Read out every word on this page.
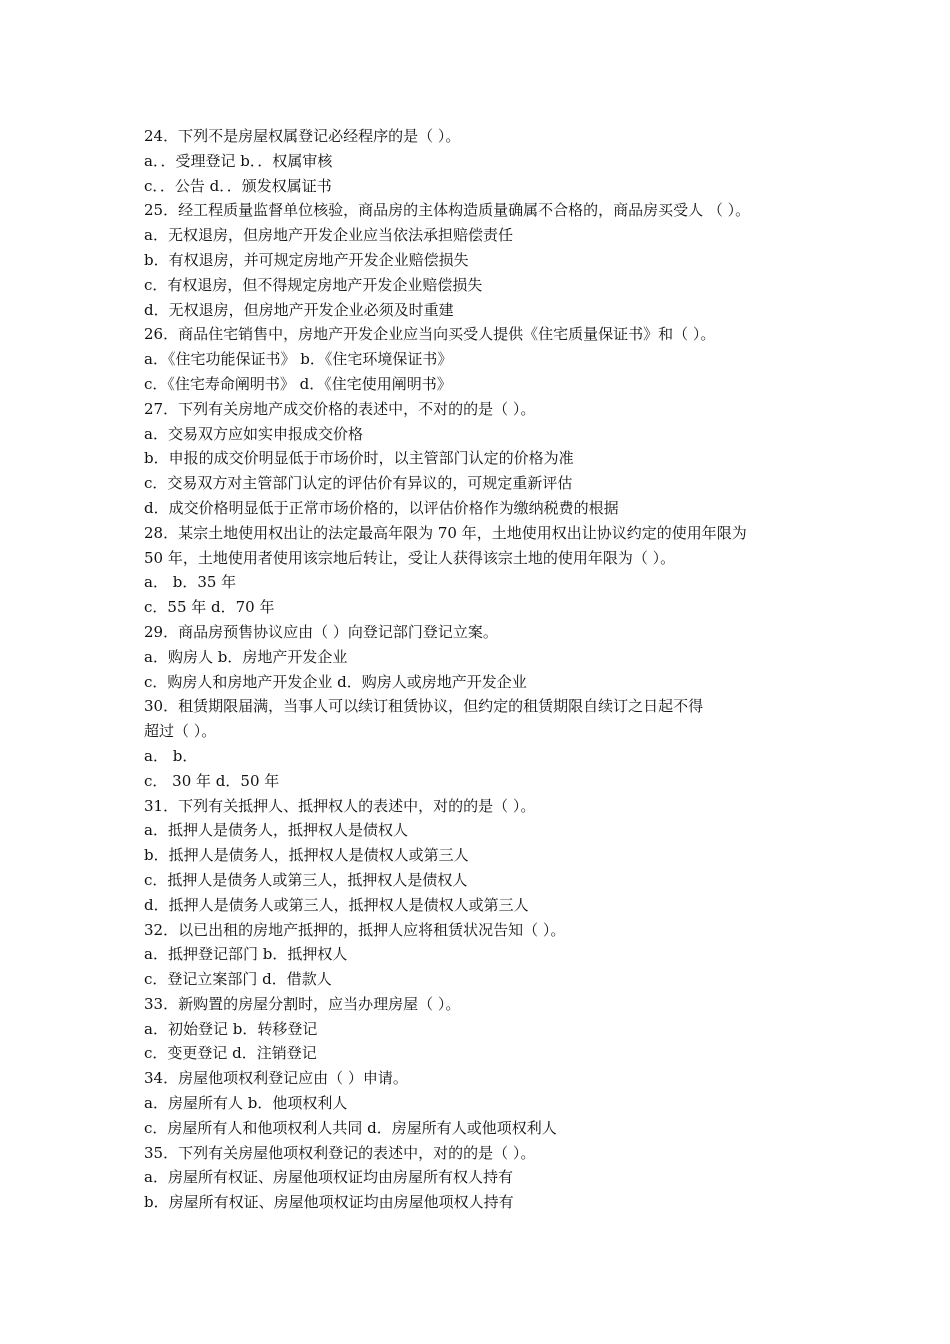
24．下列不是房屋权属登记必经程序的是（ ）。

a．．受理登记 b．．权属审核

c．．公告 d．．颁发权属证书

25．经工程质量监督单位核验，商品房的主体构造质量确属不合格的，商品房买受人 （ ）。

a．无权退房，但房地产开发企业应当依法承担赔偿责任

b．有权退房，并可规定房地产开发企业赔偿损失

c．有权退房，但不得规定房地产开发企业赔偿损失

d．无权退房，但房地产开发企业必须及时重建

26．商品住宅销售中，房地产开发企业应当向买受人提供《住宅质量保证书》和（ ）。

a．《住宅功能保证书》 b．《住宅环境保证书》

c．《住宅寿命阐明书》 d．《住宅使用阐明书》

27．下列有关房地产成交价格的表述中，不对的的是（ ）。

a．交易双方应如实申报成交价格

b．申报的成交价明显低于市场价时，以主管部门认定的价格为准

c．交易双方对主管部门认定的评估价有异议的，可规定重新评估

d．成交价格明显低于正常市场价格的，以评估价格作为缴纳税费的根据

28．某宗土地使用权出让的法定最高年限为 70 年，土地使用权出让协议约定的使用年限为

50 年，土地使用者使用该宗地后转让，受让人获得该宗土地的使用年限为（ ）。

a． b．35 年

c．55 年 d．70 年

29．商品房预售协议应由（ ）向登记部门登记立案。

a．购房人 b．房地产开发企业

c．购房人和房地产开发企业 d．购房人或房地产开发企业

30．租赁期限届满，当事人可以续订租赁协议，但约定的租赁期限自续订之日起不得

超过（ ）。

a． b．

c． 30 年 d．50 年

31．下列有关抵押人、抵押权人的表述中，对的的是（ ）。

a．抵押人是债务人，抵押权人是债权人

b．抵押人是债务人，抵押权人是债权人或第三人

c．抵押人是债务人或第三人，抵押权人是债权人

d．抵押人是债务人或第三人，抵押权人是债权人或第三人

32．以已出租的房地产抵押的，抵押人应将租赁状况告知（ ）。

a．抵押登记部门 b．抵押权人

c．登记立案部门 d．借款人

33．新购置的房屋分割时，应当办理房屋（ ）。

a．初始登记 b．转移登记

c．变更登记 d．注销登记

34．房屋他项权利登记应由（ ）申请。

a．房屋所有人 b．他项权利人

c．房屋所有人和他项权利人共同 d．房屋所有人或他项权利人

35．下列有关房屋他项权利登记的表述中，对的的是（ ）。

a．房屋所有权证、房屋他项权证均由房屋所有权人持有

b．房屋所有权证、房屋他项权证均由房屋他项权人持有
